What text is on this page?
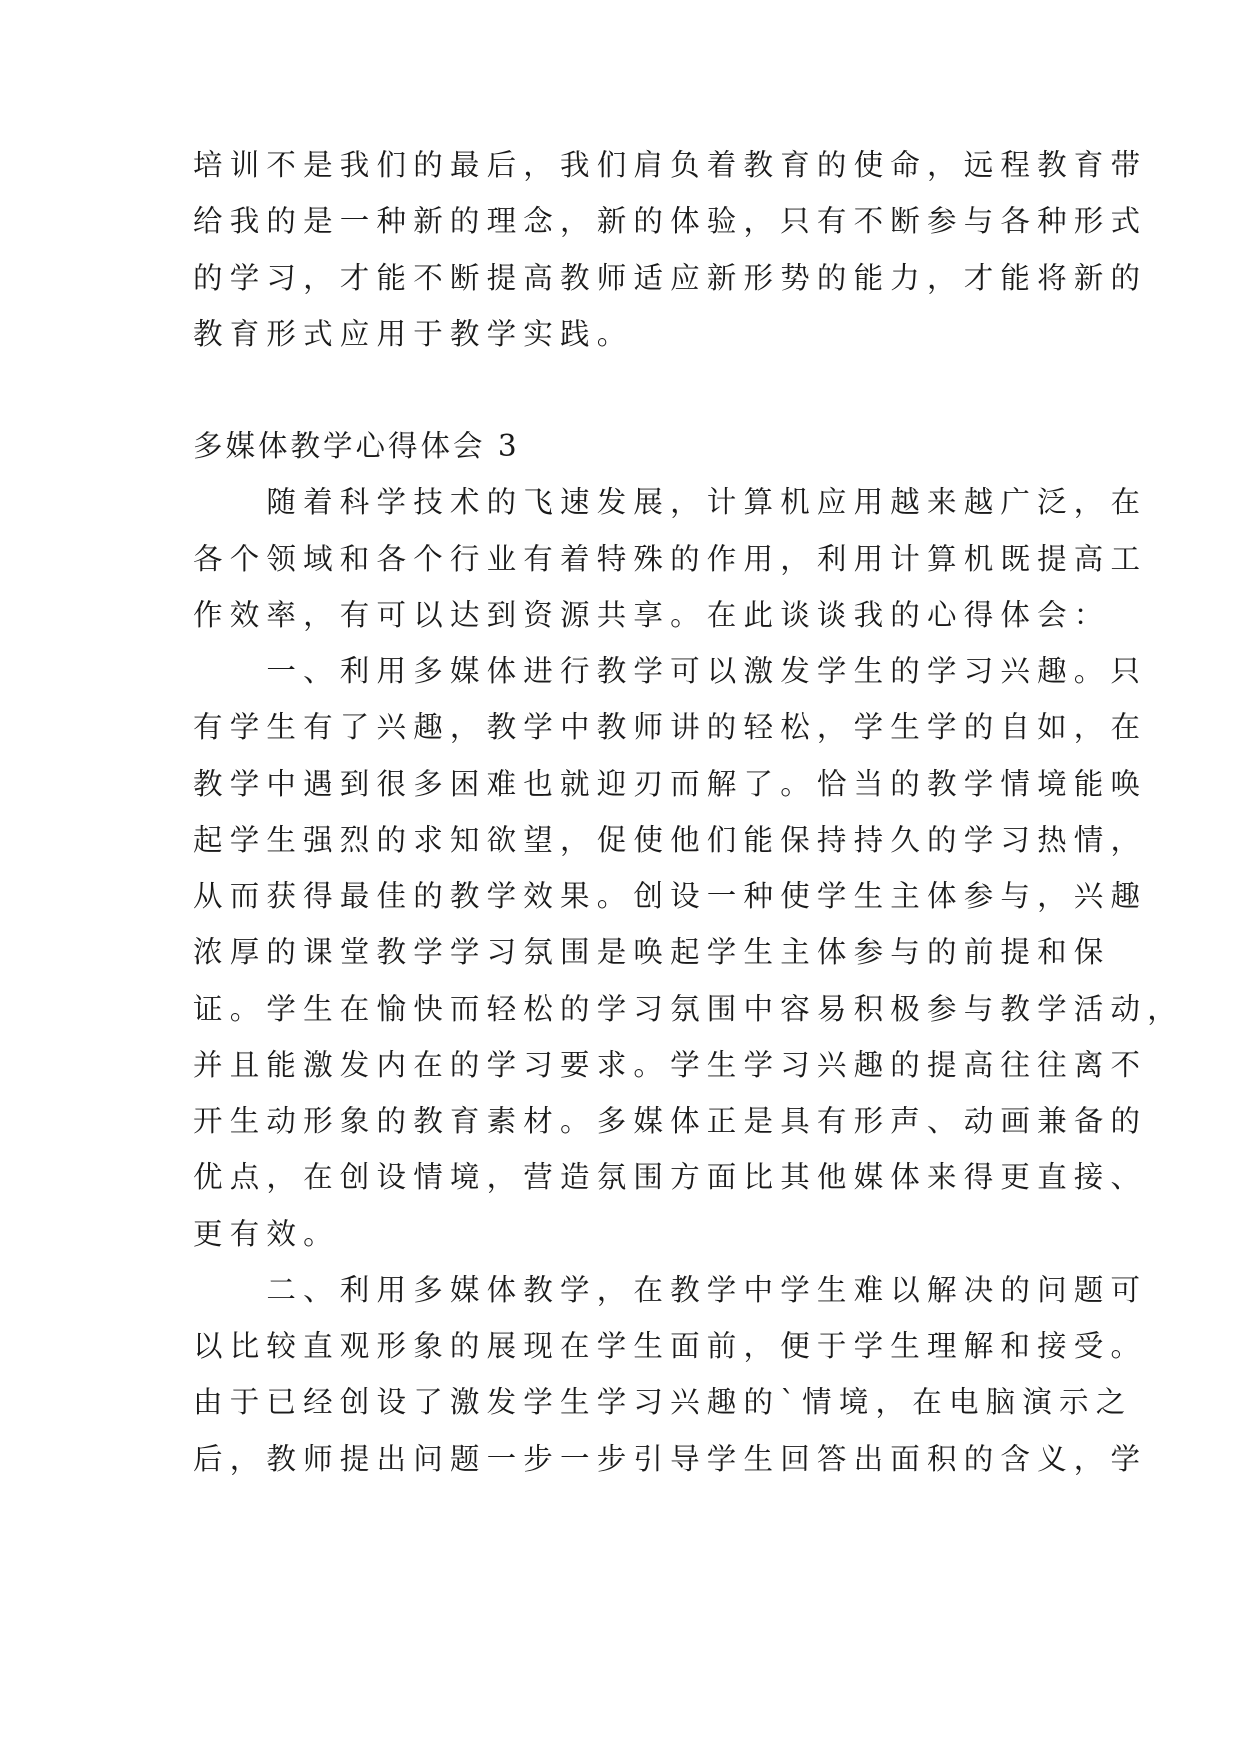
培训不是我们的最后，我们肩负着教育的使命，远程教育带
给我的是一种新的理念，新的体验，只有不断参与各种形式
的学习，才能不断提高教师适应新形势的能力，才能将新的
教育形式应用于教学实践。
多媒体教学心得体会 3
　　随着科学技术的飞速发展，计算机应用越来越广泛，在
各个领域和各个行业有着特殊的作用，利用计算机既提高工
作效率，有可以达到资源共享。在此谈谈我的心得体会：
　　一、利用多媒体进行教学可以激发学生的学习兴趣。只
有学生有了兴趣，教学中教师讲的轻松，学生学的自如，在
教学中遇到很多困难也就迎刃而解了。恰当的教学情境能唤
起学生强烈的求知欲望，促使他们能保持持久的学习热情，
从而获得最佳的教学效果。创设一种使学生主体参与，兴趣
浓厚的课堂教学学习氛围是唤起学生主体参与的前提和保
证。学生在愉快而轻松的学习氛围中容易积极参与教学活动，
并且能激发内在的学习要求。学生学习兴趣的提高往往离不
开生动形象的教育素材。多媒体正是具有形声、动画兼备的
优点，在创设情境，营造氛围方面比其他媒体来得更直接、
更有效。
　　二、利用多媒体教学，在教学中学生难以解决的问题可
以比较直观形象的展现在学生面前，便于学生理解和接受。
由于已经创设了激发学生学习兴趣的`情境，在电脑演示之
后，教师提出问题一步一步引导学生回答出面积的含义，学
